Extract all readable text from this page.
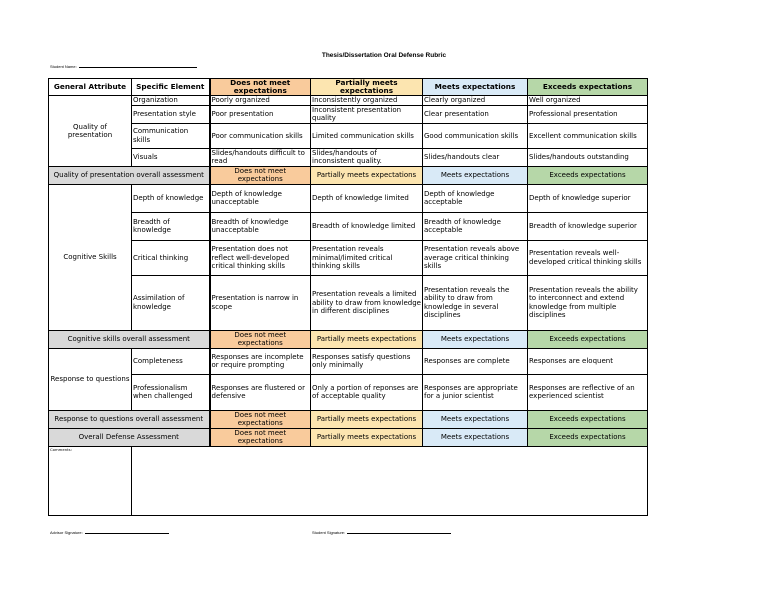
Thesis/Dissertation Oral Defense Rubric
Student Name:
General Attribute	Specific Element	Does not meet expectations	Partially meets expectations	Meets expectations	Exceeds expectations
Quality of presentation	Organization	Poorly organized	Inconsistently organized	Clearly organized	Well organized
	Presentation style	Poor presentation	Inconsistent presentation quality	Clear presentation	Professional presentation
	Communication skills	Poor communication skills	Limited communication skills	Good communication skills	Excellent communication skills
	Visuals	Slides/handouts difficult to read	Slides/handouts of inconsistent quality.	Slides/handouts clear	Slides/handouts outstanding
Quality of presentation overall assessment		Does not meet expectations	Partially meets expectations	Meets expectations	Exceeds expectations
Cognitive Skills	Depth of knowledge	Depth of knowledge unacceptable	Depth of knowledge limited	Depth of knowledge acceptable	Depth of knowledge superior
	Breadth of knowledge	Breadth of knowledge unacceptable	Breadth of knowledge limited	Breadth of knowledge acceptable	Breadth of knowledge superior
	Critical thinking	Presentation does not reflect well-developed critical thinking skills	Presentation reveals minimal/limited critical thinking skills	Presentation reveals above average critical thinking skills	Presentation reveals well-developed critical thinking skills
	Assimilation of knowledge	Presentation is narrow in scope	Presentation reveals a limited ability to draw from knowledge in different disciplines	Presentation reveals the ability to draw from knowledge in several disciplines	Presentation reveals the ability to interconnect and extend knowledge from multiple disciplines
Cognitive skills overall assessment		Does not meet expectations	Partially meets expectations	Meets expectations	Exceeds expectations
Response to questions	Completeness	Responses are incomplete or require prompting	Responses satisfy questions only minimally	Responses are complete	Responses are eloquent
	Professionalism when challenged	Responses are flustered or defensive	Only a portion of reponses are of acceptable quality	Responses are appropriate for a junior scientist	Responses are reflective of an experienced scientist
Response to questions overall assessment		Does not meet expectations	Partially meets expectations	Meets expectations	Exceeds expectations
Overall Defense Assessment		Does not meet expectations	Partially meets expectations	Meets expectations	Exceeds expectations
Comments:					
Advisor Signature:	Student Signature:
